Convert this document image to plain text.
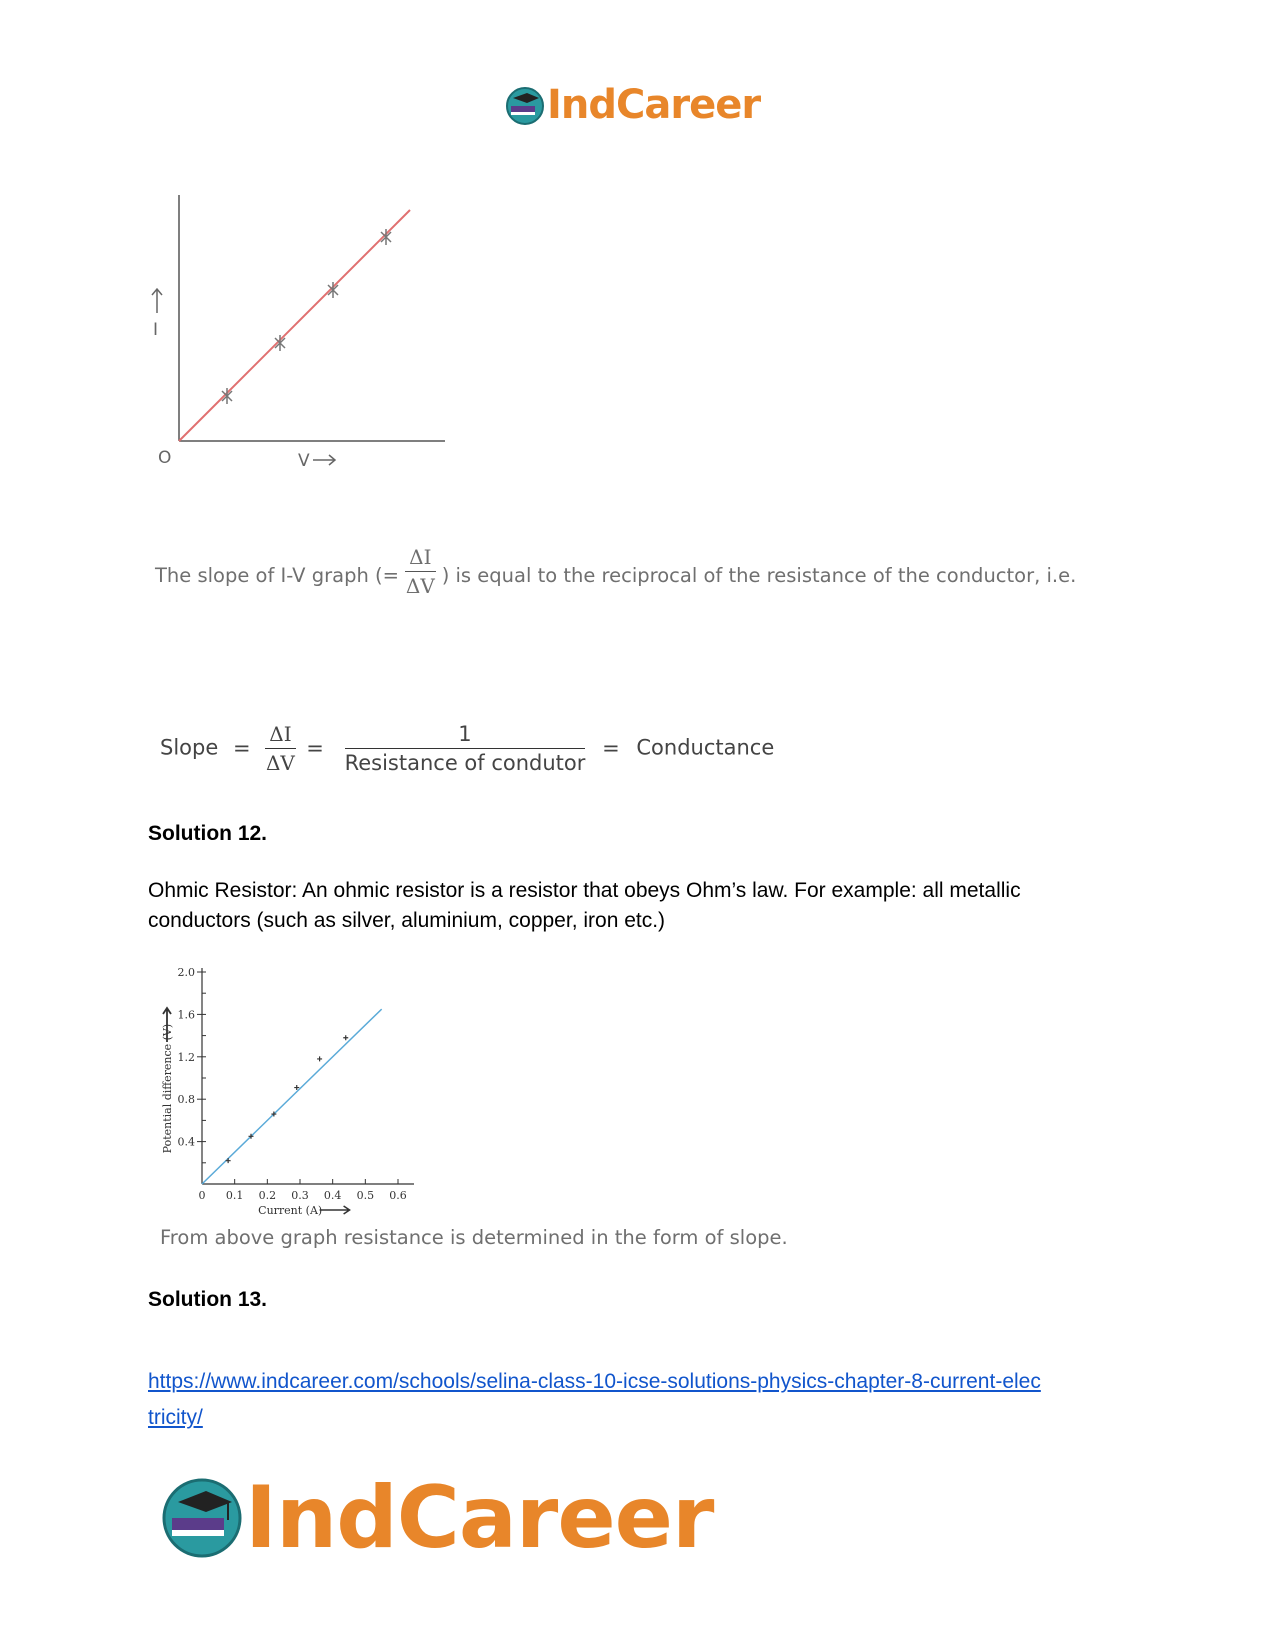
IndCareer
O	V
I
The slope of I-V graph (= $\frac{\Delta I}{\Delta V}$ ) is equal to the reciprocal of the resistance of the conductor, i.e.
Slope = $\frac{\Delta I}{\Delta V} = \frac{1}{\text{Resistance of condutor}}$ = Conductance
Solution 12.
Ohmic Resistor: An ohmic resistor is a resistor that obeys Ohm’s law. For example: all metallic conductors (such as silver, aluminium, copper, iron etc.)
0 0.1 0.2 0.3 0.4 0.5 0.6
0.4
0.8
1.2
1.6
2.0
Current (A)
Potential difference (V)
From above graph resistance is determined in the form of slope.
Solution 13.
https://www.indcareer.com/schools/selina-class-10-icse-solutions-physics-chapter-8-current-elec
tricity/
IndCareer
